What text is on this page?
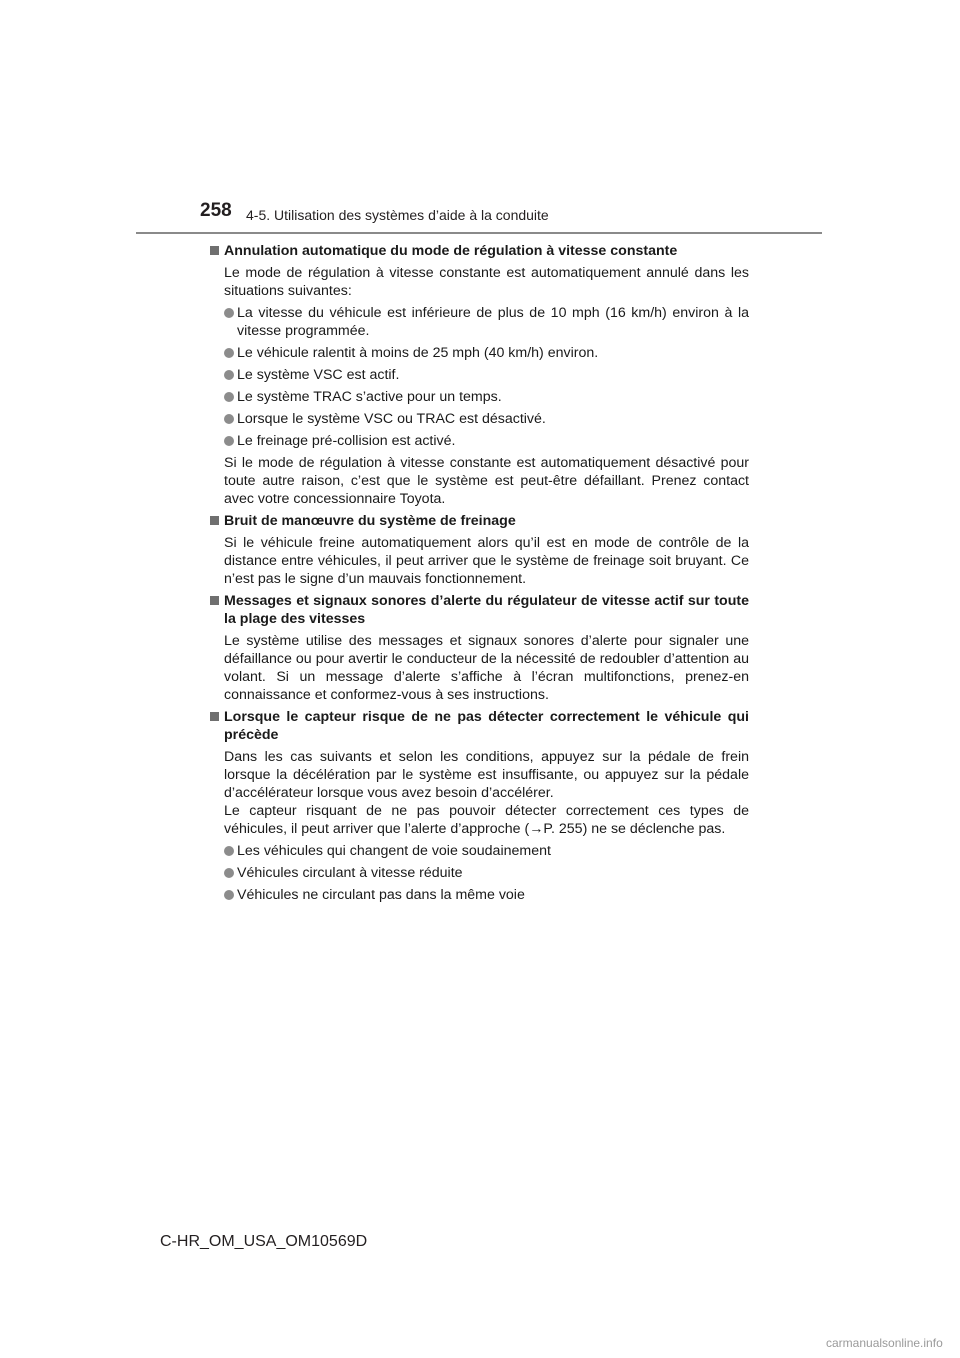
258 4-5. Utilisation des systèmes d’aide à la conduite
Annulation automatique du mode de régulation à vitesse constante
Le mode de régulation à vitesse constante est automatiquement annulé dans les situations suivantes:
La vitesse du véhicule est inférieure de plus de 10 mph (16 km/h) environ à la vitesse programmée.
Le véhicule ralentit à moins de 25 mph (40 km/h) environ.
Le système VSC est actif.
Le système TRAC s’active pour un temps.
Lorsque le système VSC ou TRAC est désactivé.
Le freinage pré-collision est activé.
Si le mode de régulation à vitesse constante est automatiquement désactivé pour toute autre raison, c’est que le système est peut-être défaillant. Prenez contact avec votre concessionnaire Toyota.
Bruit de manœuvre du système de freinage
Si le véhicule freine automatiquement alors qu’il est en mode de contrôle de la distance entre véhicules, il peut arriver que le système de freinage soit bruyant. Ce n’est pas le signe d’un mauvais fonctionnement.
Messages et signaux sonores d’alerte du régulateur de vitesse actif sur toute la plage des vitesses
Le système utilise des messages et signaux sonores d’alerte pour signaler une défaillance ou pour avertir le conducteur de la nécessité de redoubler d’attention au volant. Si un message d’alerte s’affiche à l’écran multifonctions, prenez-en connaissance et conformez-vous à ses instructions.
Lorsque le capteur risque de ne pas détecter correctement le véhicule qui précède
Dans les cas suivants et selon les conditions, appuyez sur la pédale de frein lorsque la décélération par le système est insuffisante, ou appuyez sur la pédale d’accélérateur lorsque vous avez besoin d’accélérer.
Le capteur risquant de ne pas pouvoir détecter correctement ces types de véhicules, il peut arriver que l’alerte d’approche (→P. 255) ne se déclenche pas.
Les véhicules qui changent de voie soudainement
Véhicules circulant à vitesse réduite
Véhicules ne circulant pas dans la même voie
C-HR_OM_USA_OM10569D
carmanualsonline.info
